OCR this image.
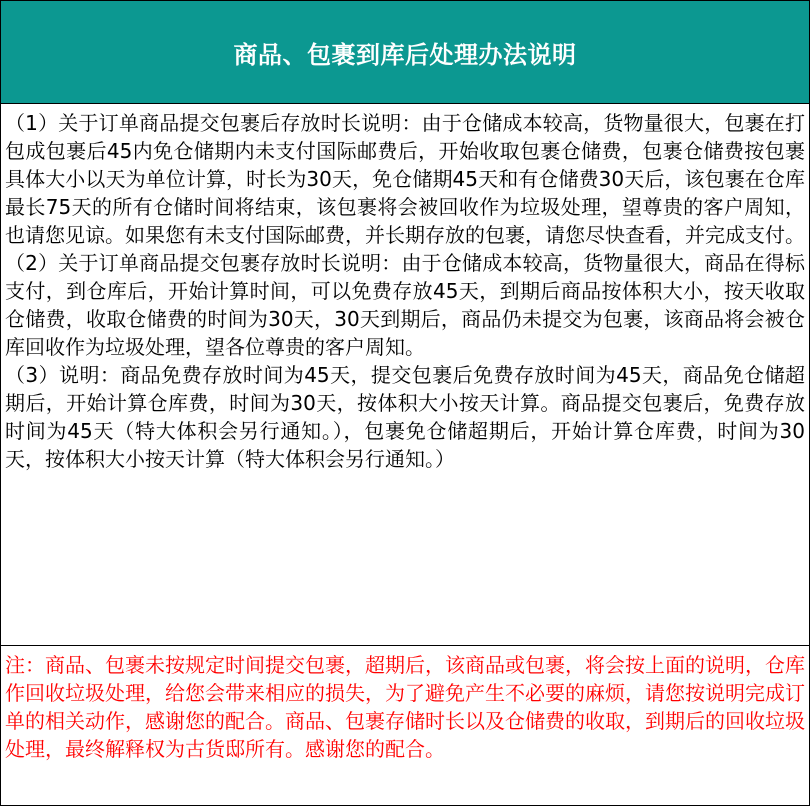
商品、包裹到库后处理办法说明

（1）关于订单商品提交包裹后存放时长说明：由于仓储成本较高，货物量很大，包裹在打包成包裹后45内免仓储期内未支付国际邮费后，开始收取包裹仓储费，包裹仓储费按包裹具体大小以天为单位计算，时长为30天，免仓储期45天和有仓储费30天后，该包裹在仓库最长75天的所有仓储时间将结束，该包裹将会被回收作为垃圾处理，望尊贵的客户周知，也请您见谅。如果您有未支付国际邮费，并长期存放的包裹，请您尽快查看，并完成支付。

（2）关于订单商品提交包裹存放时长说明：由于仓储成本较高，货物量很大，商品在得标支付，到仓库后，开始计算时间，可以免费存放45天，到期后商品按体积大小，按天收取仓储费，收取仓储费的时间为30天，30天到期后，商品仍未提交为包裹，该商品将会被仓库回收作为垃圾处理，望各位尊贵的客户周知。

（3）说明：商品免费存放时间为45天，提交包裹后免费存放时间为45天，商品免仓储超期后，开始计算仓库费，时间为30天，按体积大小按天计算。商品提交包裹后，免费存放时间为45天（特大体积会另行通知。），包裹免仓储超期后，开始计算仓库费，时间为30天，按体积大小按天计算（特大体积会另行通知。）

注：商品、包裹未按规定时间提交包裹，超期后，该商品或包裹，将会按上面的说明，仓库作回收垃圾处理，给您会带来相应的损失，为了避免产生不必要的麻烦，请您按说明完成订单的相关动作，感谢您的配合。商品、包裹存储时长以及仓储费的收取，到期后的回收垃圾处理，最终解释权为古货邸所有。感谢您的配合。
